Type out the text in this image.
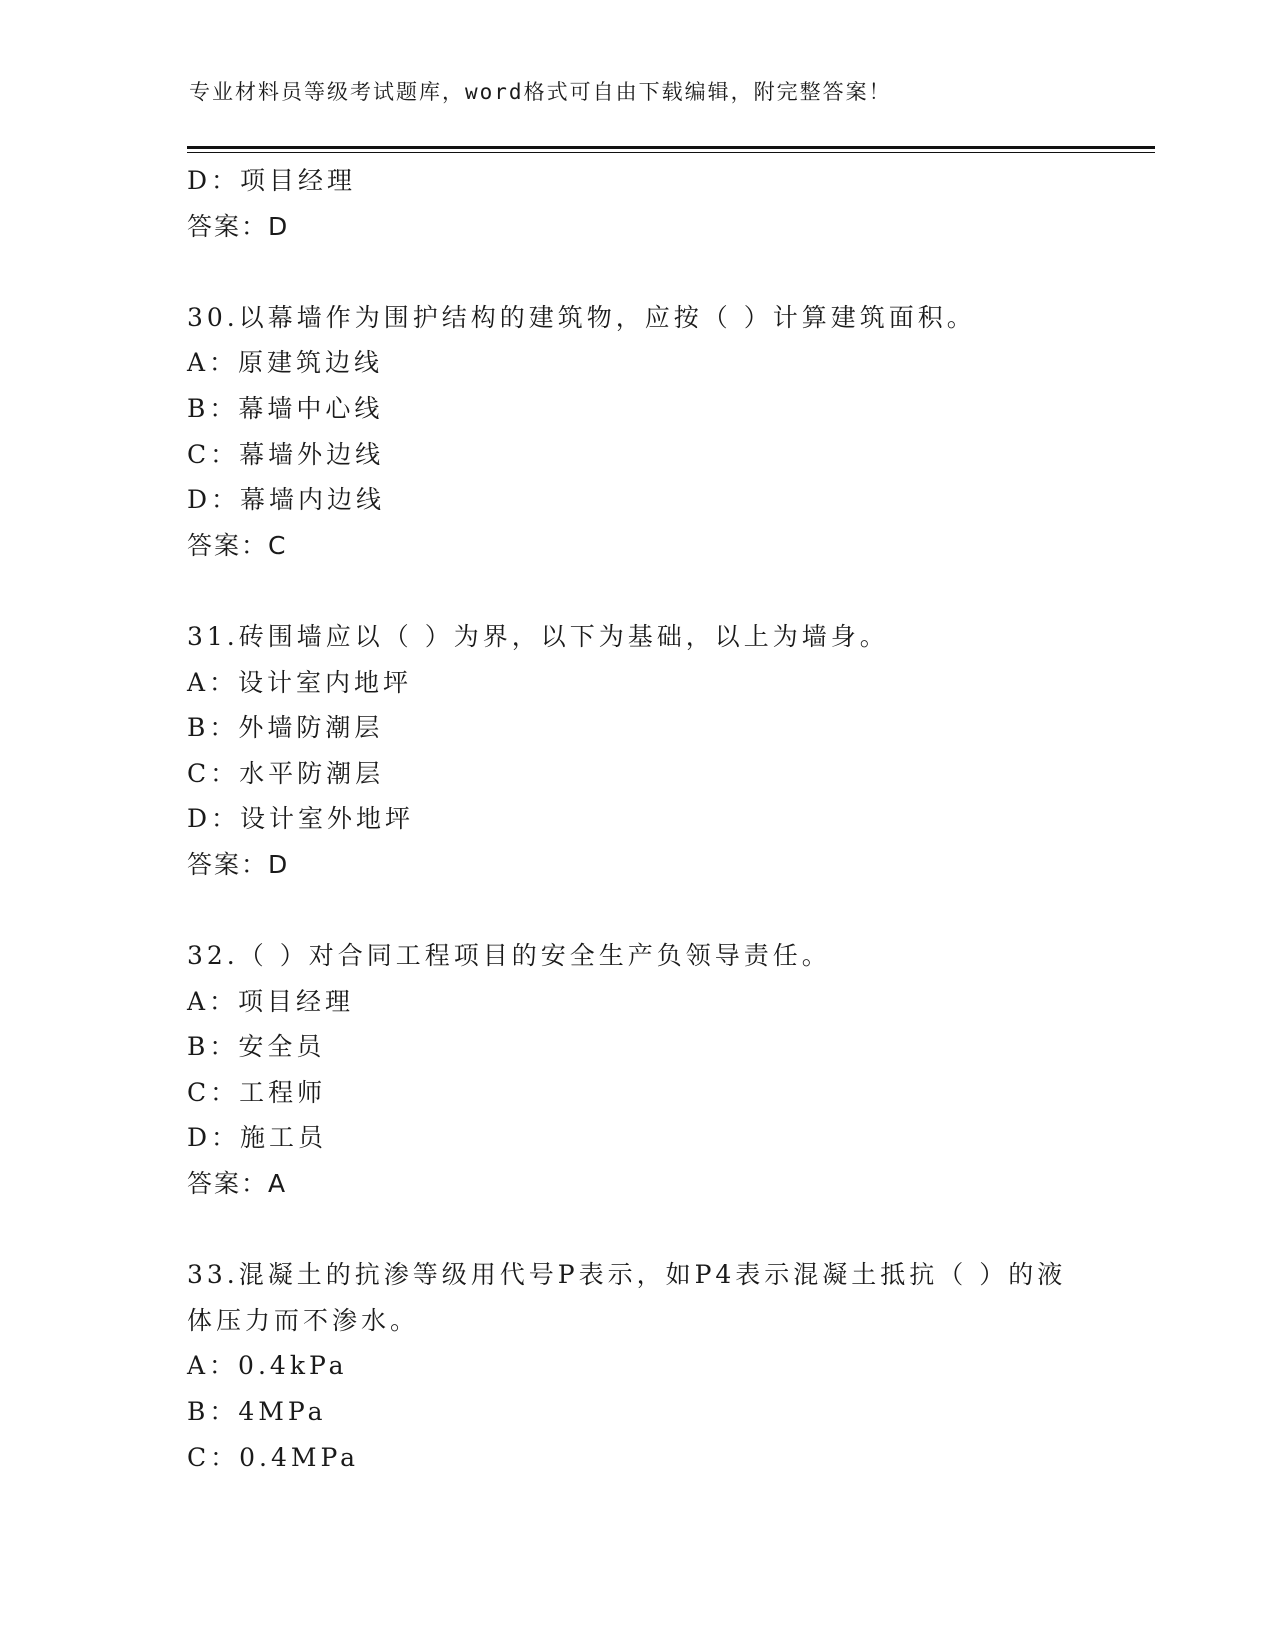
专业材料员等级考试题库，word格式可自由下载编辑，附完整答案！
D：项目经理
答案：D
30.以幕墙作为围护结构的建筑物，应按（ ）计算建筑面积。
A：原建筑边线
B：幕墙中心线
C：幕墙外边线
D：幕墙内边线
答案：C
31.砖围墙应以（ ）为界，以下为基础，以上为墙身。
A：设计室内地坪
B：外墙防潮层
C：水平防潮层
D：设计室外地坪
答案：D
32.（ ）对合同工程项目的安全生产负领导责任。
A：项目经理
B：安全员
C：工程师
D：施工员
答案：A
33.混凝土的抗渗等级用代号P表示，如P4表示混凝土抵抗（ ）的液
体压力而不渗水。
A：0.4kPa
B：4MPa
C：0.4MPa
